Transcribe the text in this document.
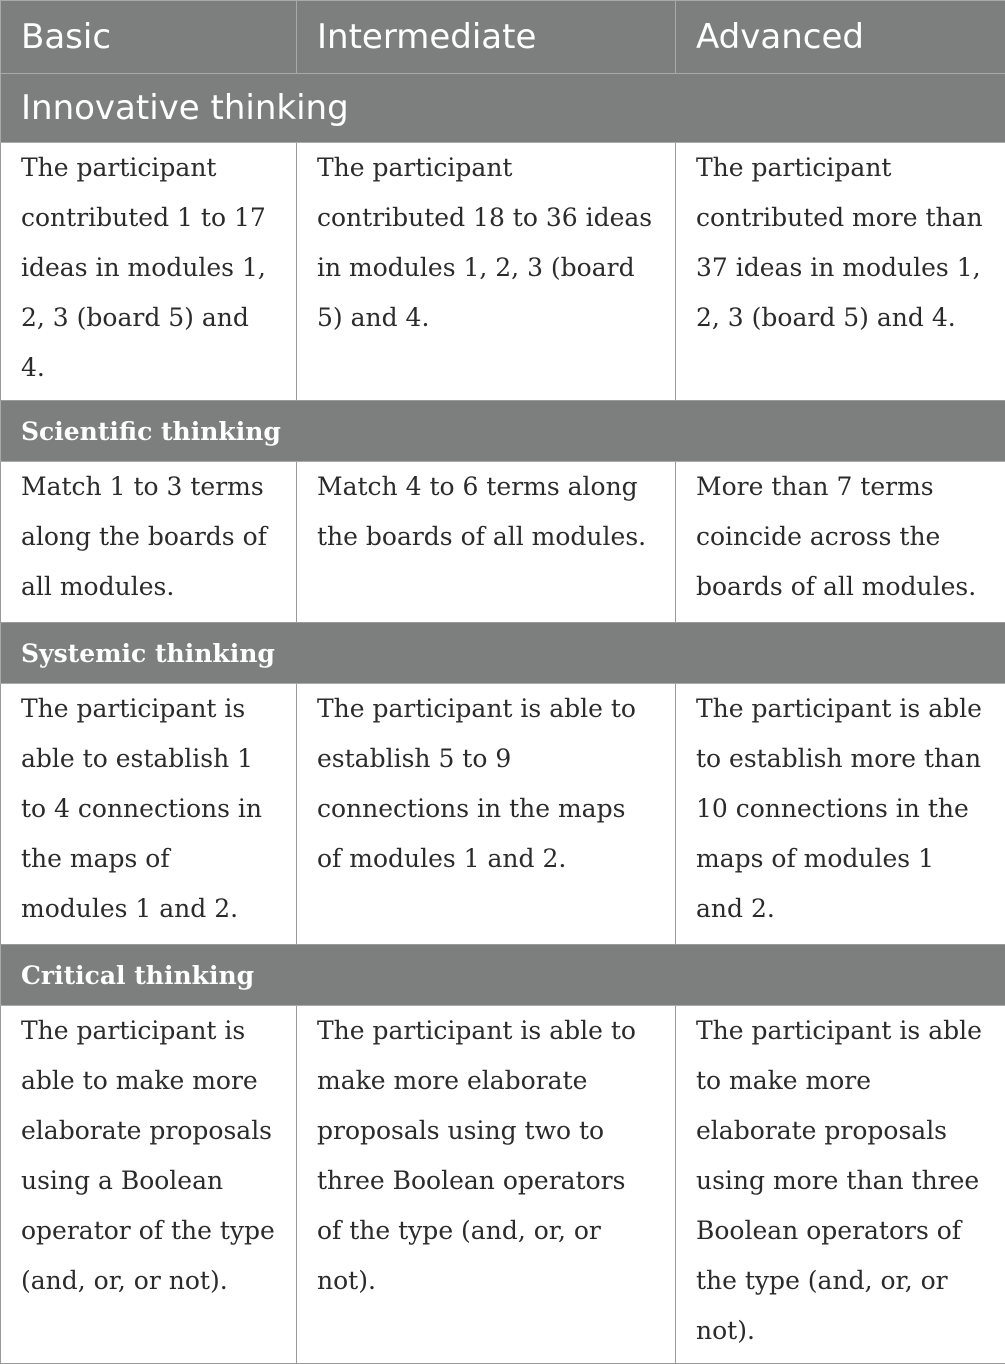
Basic	Intermediate	Advanced
Innovative thinking		
The participant contributed 1 to 17 ideas in modules 1, 2, 3 (board 5) and 4.	The participant contributed 18 to 36 ideas in modules 1, 2, 3 (board 5) and 4.	The participant contributed more than 37 ideas in modules 1, 2, 3 (board 5) and 4.
Scientific thinking		
Match 1 to 3 terms along the boards of all modules.	Match 4 to 6 terms along the boards of all modules.	More than 7 terms coincide across the boards of all modules.
Systemic thinking		
The participant is able to establish 1 to 4 connections in the maps of modules 1 and 2.	The participant is able to establish 5 to 9 connections in the maps of modules 1 and 2.	The participant is able to establish more than 10 connections in the maps of modules 1 and 2.
Critical thinking		
The participant is able to make more elaborate proposals using a Boolean operator of the type (and, or, or not).	The participant is able to make more elaborate proposals using two to three Boolean operators of the type (and, or, or not).	The participant is able to make more elaborate proposals using more than three Boolean operators of the type (and, or, or not).
